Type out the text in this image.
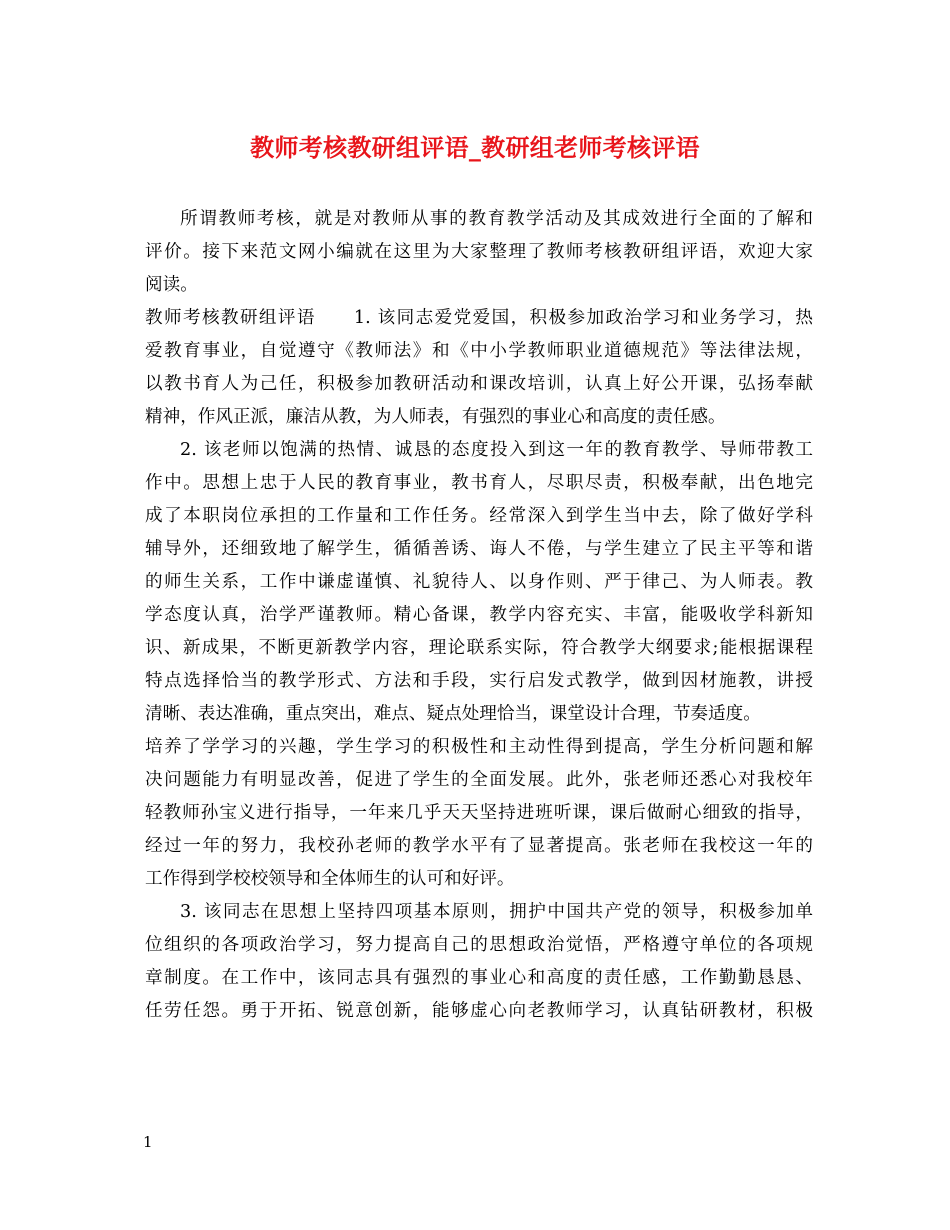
教师考核教研组评语_教研组老师考核评语
所谓教师考核，就是对教师从事的教育教学活动及其成效进行全面的了解和
评价。接下来范文网小编就在这里为大家整理了教师考核教研组评语，欢迎大家
阅读。
教师考核教研组评语　　1. 该同志爱党爱国，积极参加政治学习和业务学习，热
爱教育事业，自觉遵守《教师法》和《中小学教师职业道德规范》等法律法规，
以教书育人为己任，积极参加教研活动和课改培训，认真上好公开课，弘扬奉献
精神，作风正派，廉洁从教，为人师表，有强烈的事业心和高度的责任感。
2. 该老师以饱满的热情、诚恳的态度投入到这一年的教育教学、导师带教工
作中。思想上忠于人民的教育事业，教书育人，尽职尽责，积极奉献，出色地完
成了本职岗位承担的工作量和工作任务。经常深入到学生当中去，除了做好学科
辅导外，还细致地了解学生，循循善诱、诲人不倦，与学生建立了民主平等和谐
的师生关系，工作中谦虚谨慎、礼貌待人、以身作则、严于律己、为人师表。教
学态度认真，治学严谨教师。精心备课，教学内容充实、丰富，能吸收学科新知
识、新成果，不断更新教学内容，理论联系实际，符合教学大纲要求;能根据课程
特点选择恰当的教学形式、方法和手段，实行启发式教学，做到因材施教，讲授
清晰、表达准确，重点突出，难点、疑点处理恰当，课堂设计合理，节奏适度。
培养了学学习的兴趣，学生学习的积极性和主动性得到提高，学生分析问题和解
决问题能力有明显改善，促进了学生的全面发展。此外，张老师还悉心对我校年
轻教师孙宝义进行指导，一年来几乎天天坚持进班听课，课后做耐心细致的指导，
经过一年的努力，我校孙老师的教学水平有了显著提高。张老师在我校这一年的
工作得到学校校领导和全体师生的认可和好评。
3. 该同志在思想上坚持四项基本原则，拥护中国共产党的领导，积极参加单
位组织的各项政治学习，努力提高自己的思想政治觉悟，严格遵守单位的各项规
章制度。在工作中，该同志具有强烈的事业心和高度的责任感，工作勤勤恳恳、
任劳任怨。勇于开拓、锐意创新，能够虚心向老教师学习，认真钻研教材，积极
1
